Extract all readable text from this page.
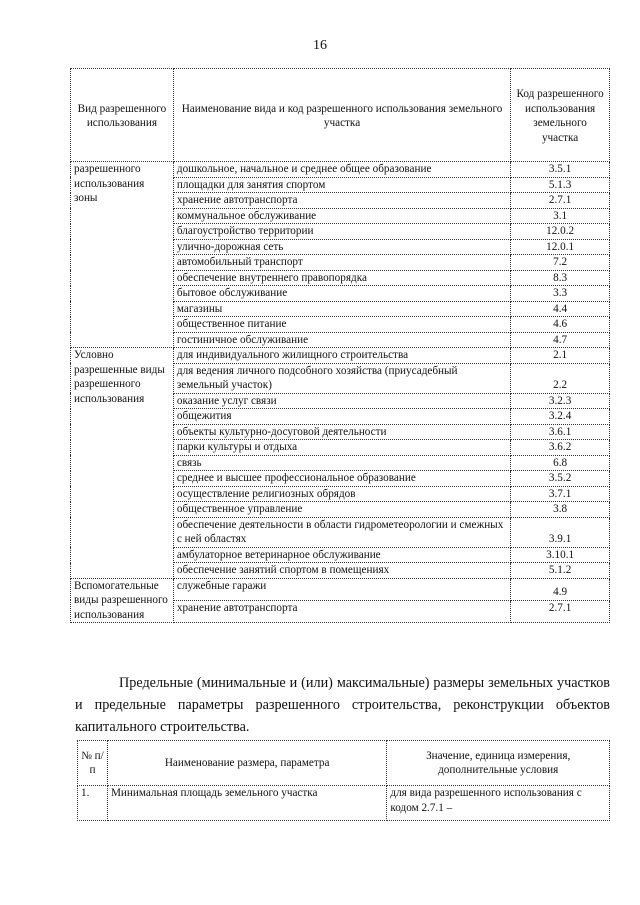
16
Вид разрешенного использования	Наименование вида и код разрешенного использования земельного участка	Код разрешенного использования земельного участка
разрешенного использования зоны	дошкольное, начальное и среднее общее образование	3.5.1
	площадки для занятия спортом	5.1.3
	хранение автотранспорта	2.7.1
	коммунальное обслуживание	3.1
	благоустройство территории	12.0.2
	улично-дорожная сеть	12.0.1
	автомобильный транспорт	7.2
	обеспечение внутреннего правопорядка	8.3
	бытовое обслуживание	3.3
	магазины	4.4
	общественное питание	4.6
	гостиничное обслуживание	4.7
Условно разрешенные виды разрешенного использования	для индивидуального жилищного строительства	2.1
	для ведения личного подсобного хозяйства (приусадебный земельный участок)	2.2
	оказание услуг связи	3.2.3
	общежития	3.2.4
	объекты культурно-досуговой деятельности	3.6.1
	парки культуры и отдыха	3.6.2
	связь	6.8
	среднее и высшее профессиональное образование	3.5.2
	осуществление религиозных обрядов	3.7.1
	общественное управление	3.8
	обеспечение деятельности в области гидрометеорологии и смежных с ней областях	3.9.1
	амбулаторное ветеринарное обслуживание	3.10.1
	обеспечение занятий спортом в помещениях	5.1.2
Вспомогательные виды разрешенного использования	служебные гаражи	4.9
	хранение автотранспорта	2.7.1
Предельные (минимальные и (или) максимальные) размеры земельных участков и предельные параметры разрешенного строительства, реконструкции объектов капитального строительства.
№ п/п	Наименование размера, параметра	Значение, единица измерения, дополнительные условия
1.	Минимальная площадь земельного участка	для вида разрешенного использования с кодом 2.7.1 –
